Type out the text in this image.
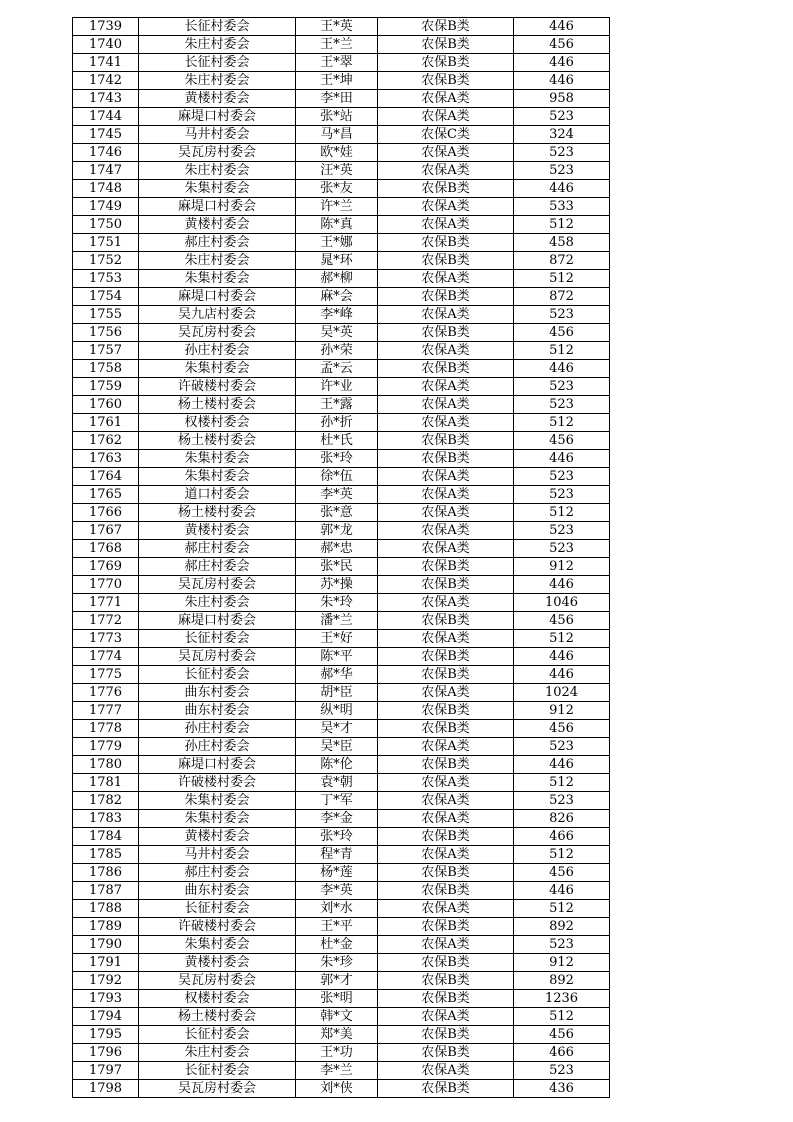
1739	长征村委会	王*英	农保B类	446
1740	朱庄村委会	王*兰	农保B类	456
1741	长征村委会	王*翠	农保B类	446
1742	朱庄村委会	王*坤	农保B类	446
1743	黄楼村委会	李*田	农保A类	958
1744	麻堤口村委会	张*站	农保A类	523
1745	马井村委会	马*昌	农保C类	324
1746	吴瓦房村委会	欧*娃	农保A类	523
1747	朱庄村委会	汪*英	农保A类	523
1748	朱集村委会	张*友	农保B类	446
1749	麻堤口村委会	许*兰	农保A类	533
1750	黄楼村委会	陈*真	农保A类	512
1751	郝庄村委会	王*娜	农保B类	458
1752	朱庄村委会	晁*环	农保B类	872
1753	朱集村委会	郝*柳	农保A类	512
1754	麻堤口村委会	麻*会	农保B类	872
1755	吴九店村委会	李*峰	农保A类	523
1756	吴瓦房村委会	吴*英	农保B类	456
1757	孙庄村委会	孙*荣	农保A类	512
1758	朱集村委会	孟*云	农保B类	446
1759	许破楼村委会	许*业	农保A类	523
1760	杨土楼村委会	王*露	农保A类	523
1761	权楼村委会	孙*折	农保A类	512
1762	杨土楼村委会	杜*氏	农保B类	456
1763	朱集村委会	张*玲	农保B类	446
1764	朱集村委会	徐*伍	农保A类	523
1765	道口村委会	李*英	农保A类	523
1766	杨土楼村委会	张*意	农保A类	512
1767	黄楼村委会	郭*龙	农保A类	523
1768	郝庄村委会	郝*忠	农保A类	523
1769	郝庄村委会	张*民	农保B类	912
1770	吴瓦房村委会	苏*操	农保B类	446
1771	朱庄村委会	朱*玲	农保A类	1046
1772	麻堤口村委会	潘*兰	农保B类	456
1773	长征村委会	王*好	农保A类	512
1774	吴瓦房村委会	陈*平	农保B类	446
1775	长征村委会	郝*华	农保B类	446
1776	曲东村委会	胡*臣	农保A类	1024
1777	曲东村委会	纵*明	农保B类	912
1778	孙庄村委会	吴*才	农保B类	456
1779	孙庄村委会	吴*臣	农保A类	523
1780	麻堤口村委会	陈*伦	农保B类	446
1781	许破楼村委会	袁*朝	农保A类	512
1782	朱集村委会	丁*军	农保A类	523
1783	朱集村委会	李*金	农保A类	826
1784	黄楼村委会	张*玲	农保B类	466
1785	马井村委会	程*青	农保A类	512
1786	郝庄村委会	杨*莲	农保B类	456
1787	曲东村委会	李*英	农保B类	446
1788	长征村委会	刘*水	农保A类	512
1789	许破楼村委会	王*平	农保B类	892
1790	朱集村委会	杜*金	农保A类	523
1791	黄楼村委会	朱*珍	农保B类	912
1792	吴瓦房村委会	郭*才	农保B类	892
1793	权楼村委会	张*明	农保B类	1236
1794	杨土楼村委会	韩*文	农保A类	512
1795	长征村委会	郑*美	农保B类	456
1796	朱庄村委会	王*功	农保B类	466
1797	长征村委会	李*兰	农保A类	523
1798	吴瓦房村委会	刘*侠	农保B类	436
